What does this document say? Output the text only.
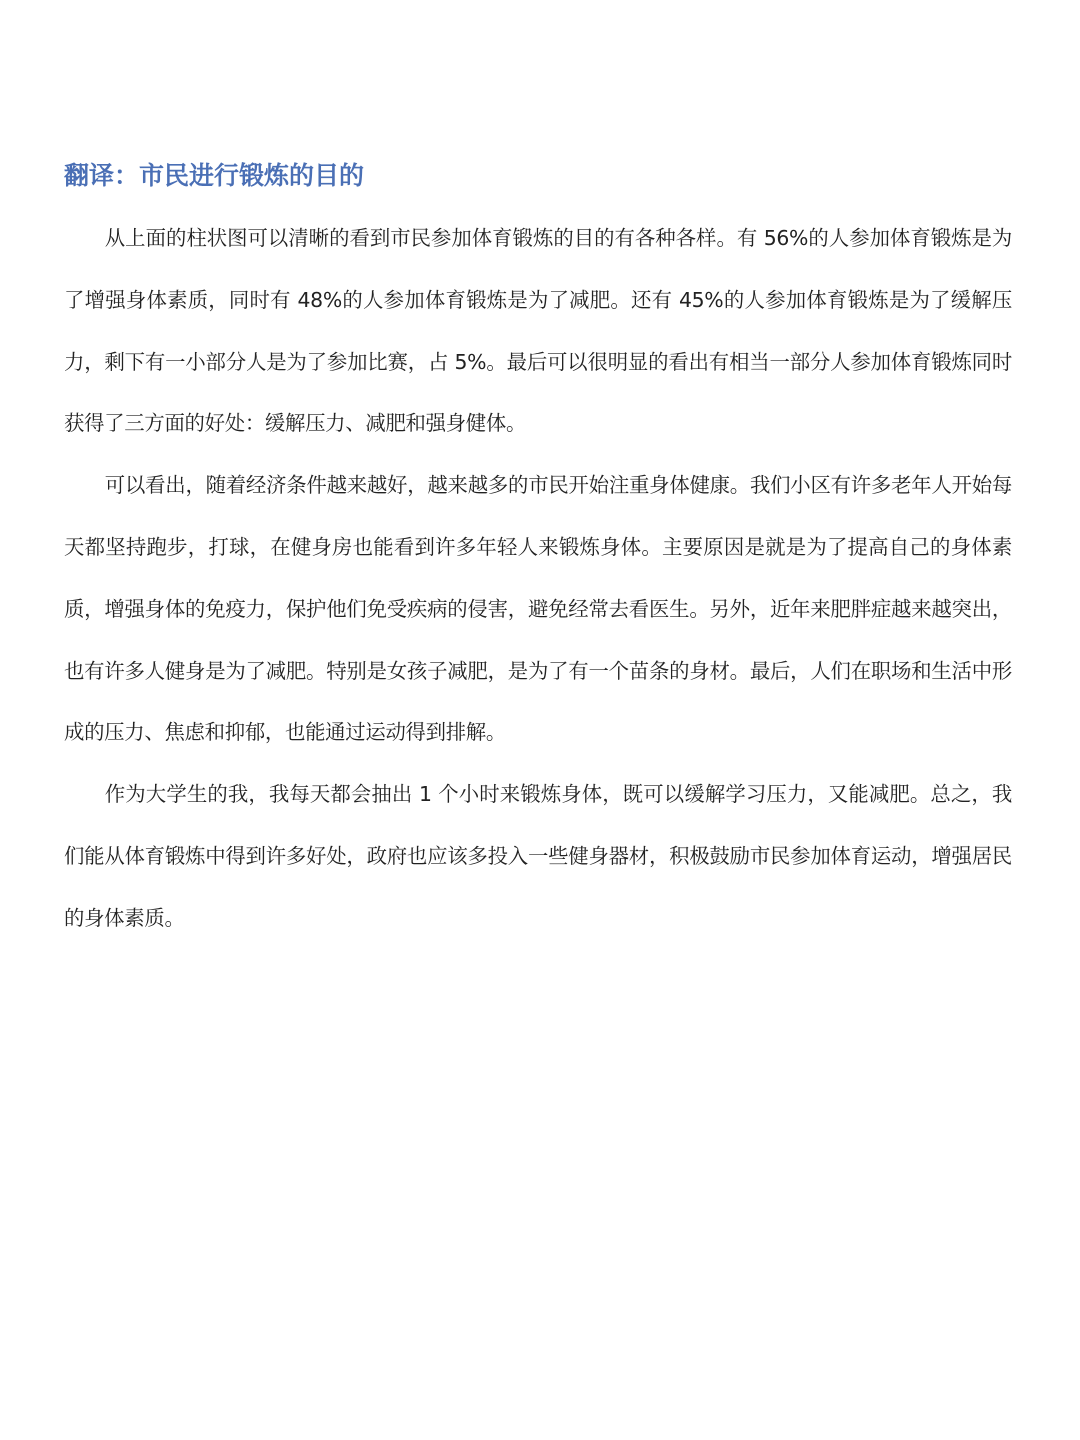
翻译：市民进行锻炼的目的

从上面的柱状图可以清晰的看到市民参加体育锻炼的目的有各种各样。有 56%的人参加体育锻炼是为了增强身体素质，同时有 48%的人参加体育锻炼是为了减肥。还有 45%的人参加体育锻炼是为了缓解压力，剩下有一小部分人是为了参加比赛，占 5%。最后可以很明显的看出有相当一部分人参加体育锻炼同时获得了三方面的好处：缓解压力、减肥和强身健体。

可以看出，随着经济条件越来越好，越来越多的市民开始注重身体健康。我们小区有许多老年人开始每天都坚持跑步，打球，在健身房也能看到许多年轻人来锻炼身体。主要原因是就是为了提高自己的身体素质，增强身体的免疫力，保护他们免受疾病的侵害，避免经常去看医生。另外，近年来肥胖症越来越突出，也有许多人健身是为了减肥。特别是女孩子减肥，是为了有一个苗条的身材。最后，人们在职场和生活中形成的压力、焦虑和抑郁，也能通过运动得到排解。

作为大学生的我，我每天都会抽出 1 个小时来锻炼身体，既可以缓解学习压力，又能减肥。总之，我们能从体育锻炼中得到许多好处，政府也应该多投入一些健身器材，积极鼓励市民参加体育运动，增强居民的身体素质。
